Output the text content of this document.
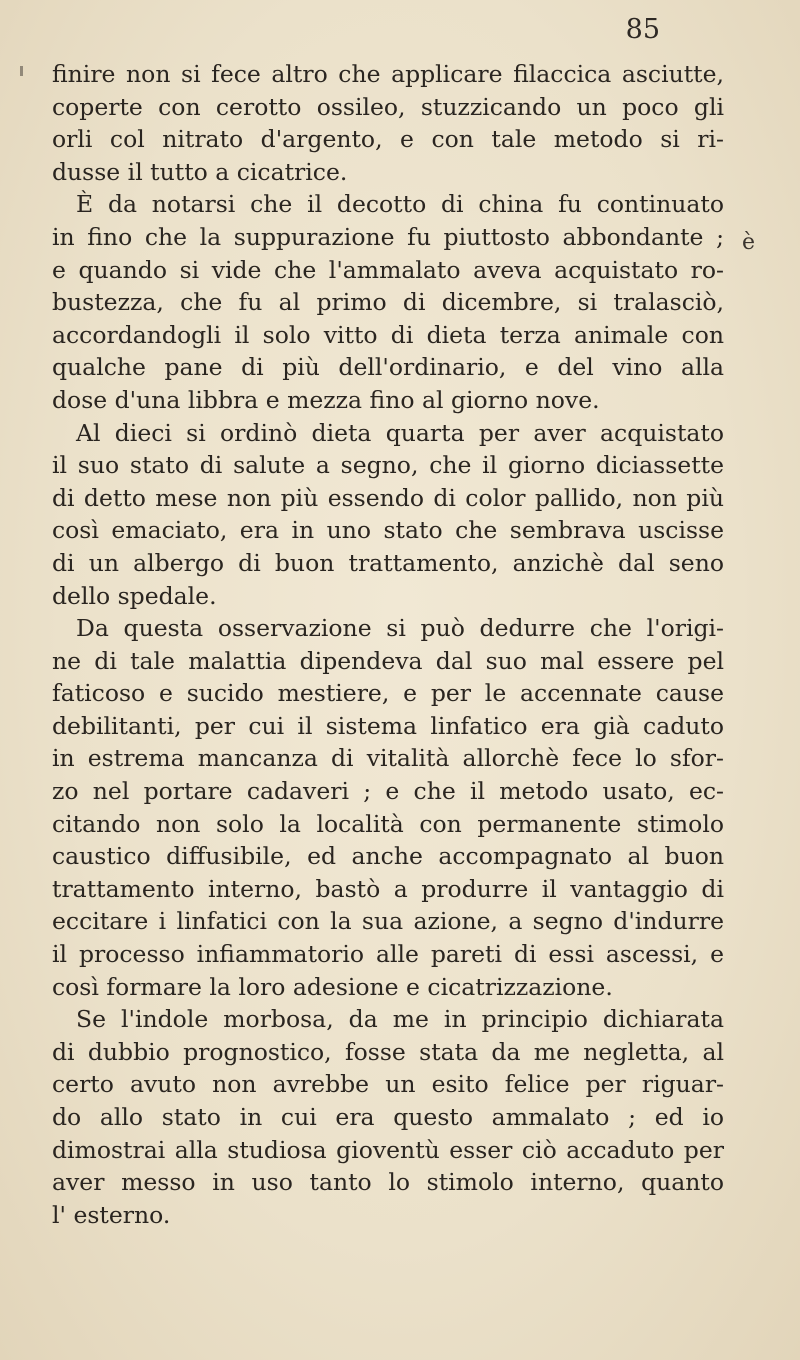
85
è
finire non si fece altro che applicare filaccica asciutte,
coperte con cerotto ossileo, stuzzicando un poco gli
orli col nitrato d'argento, e con tale metodo si ri-
dusse il tutto a cicatrice.
È da notarsi che il decotto di china fu continuato
in fino che la suppurazione fu piuttosto abbondante ;
e quando si vide che l'ammalato aveva acquistato ro-
bustezza, che fu al primo di dicembre, si tralasciò,
accordandogli il solo vitto di dieta terza animale con
qualche pane di più dell'ordinario, e del vino alla
dose d'una libbra e mezza fino al giorno nove.
Al dieci si ordinò dieta quarta per aver acquistato
il suo stato di salute a segno, che il giorno diciassette
di detto mese non più essendo di color pallido, non più
così emaciato, era in uno stato che sembrava uscisse
di un albergo di buon trattamento, anzichè dal seno
dello spedale.
Da questa osservazione si può dedurre che l'origi-
ne di tale malattia dipendeva dal suo mal essere pel
faticoso e sucido mestiere, e per le accennate cause
debilitanti, per cui il sistema linfatico era già caduto
in estrema mancanza di vitalità allorchè fece lo sfor-
zo nel portare cadaveri ; e che il metodo usato, ec-
citando non solo la località con permanente stimolo
caustico diffusibile, ed anche accompagnato al buon
trattamento interno, bastò a produrre il vantaggio di
eccitare i linfatici con la sua azione, a segno d'indurre
il processo infiammatorio alle pareti di essi ascessi, e
così formare la loro adesione e cicatrizzazione.
Se l'indole morbosa, da me in principio dichiarata
di dubbio prognostico, fosse stata da me negletta, al
certo avuto non avrebbe un esito felice per riguar-
do allo stato in cui era questo ammalato ; ed io
dimostrai alla studiosa gioventù esser ciò accaduto per
aver messo in uso tanto lo stimolo interno, quanto
l' esterno.
